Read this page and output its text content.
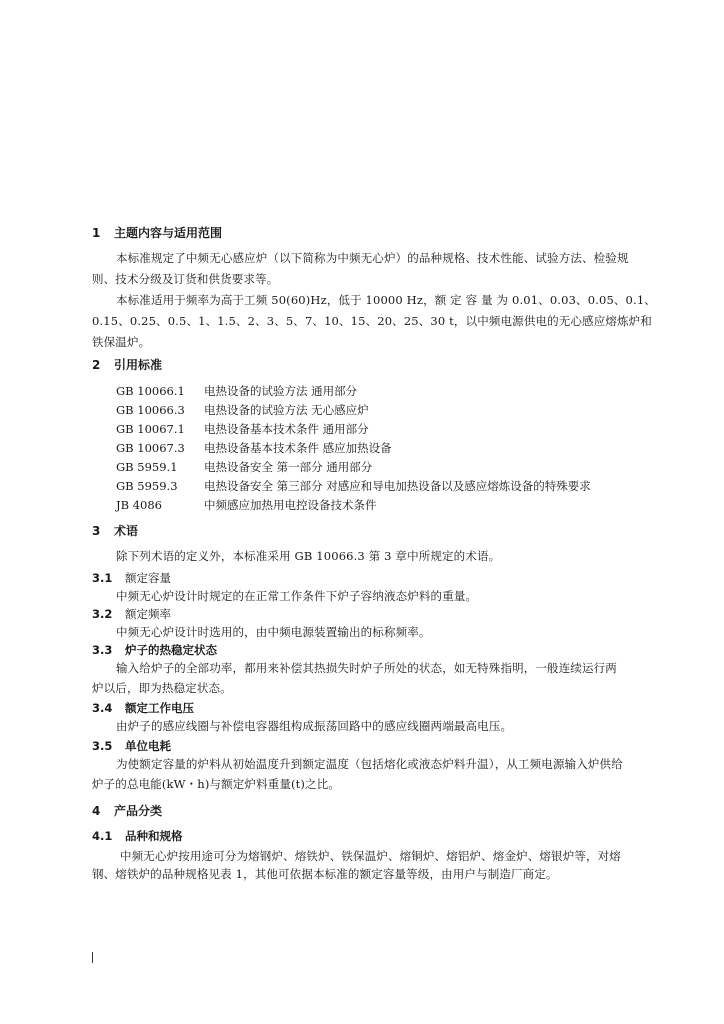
1 主题内容与适用范围
本标准规定了中频无心感应炉（以下简称为中频无心炉）的品种规格、技术性能、试验方法、检验规
则、技术分级及订货和供货要求等。
本标准适用于频率为高于工频 50(60)Hz，低于 10000 Hz，额 定 容 量 为 0.01、0.03、0.05、0.1、
0.15、0.25、0.5、1、1.5、2、3、5、7、10、15、20、25、30 t，以中频电源供电的无心感应熔炼炉和
铁保温炉。
2 引用标准
GB 10066.1 电热设备的试验方法 通用部分
GB 10066.3 电热设备的试验方法 无心感应炉
GB 10067.1 电热设备基本技术条件 通用部分
GB 10067.3 电热设备基本技术条件 感应加热设备
GB 5959.1 电热设备安全 第一部分 通用部分
GB 5959.3 电热设备安全 第三部分 对感应和导电加热设备以及感应熔炼设备的特殊要求
JB 4086	中频感应加热用电控设备技术条件
3 术语
除下列术语的定义外，本标准采用 GB 10066.3 第 3 章中所规定的术语。
3.1 额定容量
中频无心炉设计时规定的在正常工作条件下炉子容纳液态炉料的重量。
3.2 额定频率
中频无心炉设计时选用的，由中频电源装置输出的标称频率。
3.3 炉子的热稳定状态
输入给炉子的全部功率，都用来补偿其热损失时炉子所处的状态，如无特殊指明，一般连续运行两
炉以后，即为热稳定状态。
3.4 额定工作电压
由炉子的感应线圈与补偿电容器组构成振荡回路中的感应线圈两端最高电压。
3.5 单位电耗
为使额定容量的炉料从初始温度升到额定温度（包括熔化或液态炉料升温），从工频电源输入炉供给
炉子的总电能(kW・h)与额定炉料重量(t)之比。
4 产品分类
4.1 品种和规格
中频无心炉按用途可分为熔钢炉、熔铁炉、铁保温炉、熔铜炉、熔铝炉、熔金炉、熔银炉等，对熔
钢、熔铁炉的品种规格见表 1，其他可依据本标准的额定容量等级，由用户与制造厂商定。
